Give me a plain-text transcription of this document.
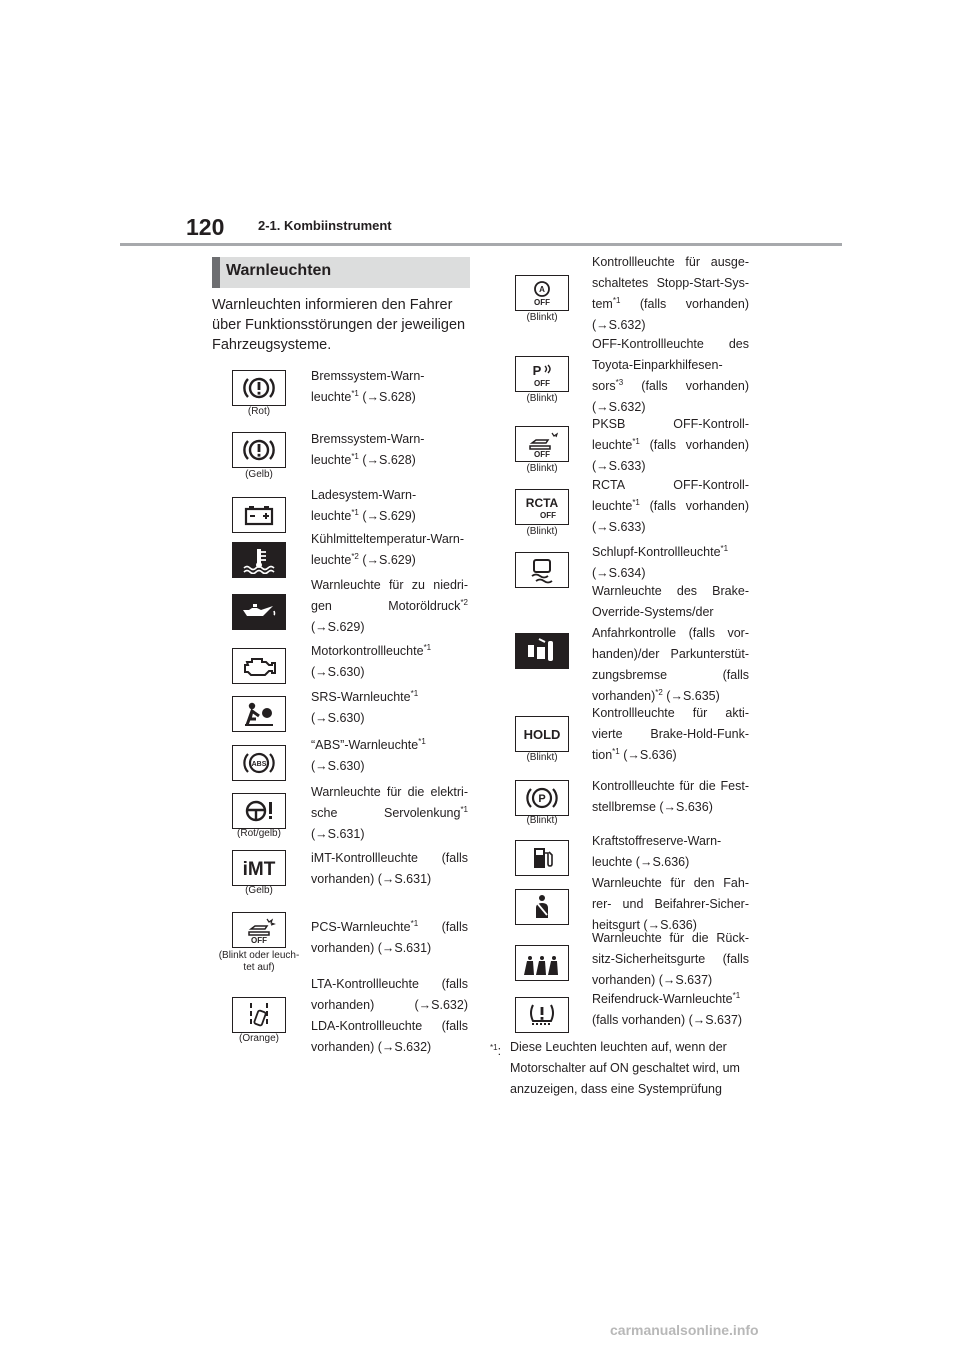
120	2-1. Kombiinstrument
Warnleuchten
Warnleuchten informieren den Fahrer über Funktionsstörungen der jeweiligen Fahrzeugsysteme.
(Rot)
Bremssystem-Warn-
leuchte$^{*1}$ (→S.628)
(Gelb)
Bremssystem-Warn-
leuchte$^{*1}$ (→S.628)
Ladesystem-Warn-
leuchte$^{*1}$ (→S.629)
Kühlmitteltemperatur-Warn-
leuchte$^{*2}$ (→S.629)
Warnleuchte für zu niedri-
gen Motoröldruck$^{*2}$
(→S.629)
Motorkontrollleuchte$^{*1}$
(→S.630)
SRS-Warnleuchte$^{*1}$
(→S.630)
ABS
“ABS”-Warnleuchte$^{*1}$
(→S.630)
(Rot/gelb)
Warnleuchte für die elektri-
sche Servolenkung$^{*1}$
(→S.631)
iMT
(Gelb)
iMT-Kontrollleuchte (falls
vorhanden) (→S.631)
OFF
(Blinkt oder leuch-tet auf)
PCS-Warnleuchte$^{*1}$ (falls
vorhanden) (→S.631)
(Orange)
LTA-Kontrollleuchte (falls
vorhanden) (→S.632)
LDA-Kontrollleuchte (falls
vorhanden) (→S.632)
A
OFF
(Blinkt)
Kontrollleuchte für ausge-
schaltetes Stopp-Start-Sys-
tem$^{*1}$ (falls vorhanden)
(→S.632)
P
OFF
(Blinkt)
OFF-Kontrollleuchte des
Toyota-Einparkhilfesen-
sors$^{*3}$ (falls vorhanden)
(→S.632)
OFF
(Blinkt)
PKSB OFF-Kontroll-
leuchte$^{*1}$ (falls vorhanden)
(→S.633)
RCTA
OFF
(Blinkt)
RCTA OFF-Kontroll-
leuchte$^{*1}$ (falls vorhanden)
(→S.633)
Schlupf-Kontrollleuchte$^{*1}$
(→S.634)
Warnleuchte des Brake-
Override-Systems/der
Anfahrkontrolle (falls vor-
handen)/der Parkunterstüt-
zungsbremse (falls
vorhanden)$^{*2}$ (→S.635)
HOLD
(Blinkt)
Kontrollleuchte für akti-
vierte Brake-Hold-Funk-
tion$^{*1}$ (→S.636)
P
(Blinkt)
Kontrollleuchte für die Fest-
stellbremse (→S.636)
Kraftstoffreserve-Warn-
leuchte (→S.636)
Warnleuchte für den Fah-
rer- und Beifahrer-Sicher-
heitsgurt (→S.636)
Warnleuchte für die Rück-
sitz-Sicherheitsgurte (falls
vorhanden) (→S.637)
Reifendruck-Warnleuchte$^{*1}$
(falls vorhanden) (→S.637)
$^{*1}$: Diese Leuchten leuchten auf, wenn der
Motorschalter auf ON geschaltet wird, um
anzuzeigen, dass eine Systemprüfung
carmanualsonline.info
